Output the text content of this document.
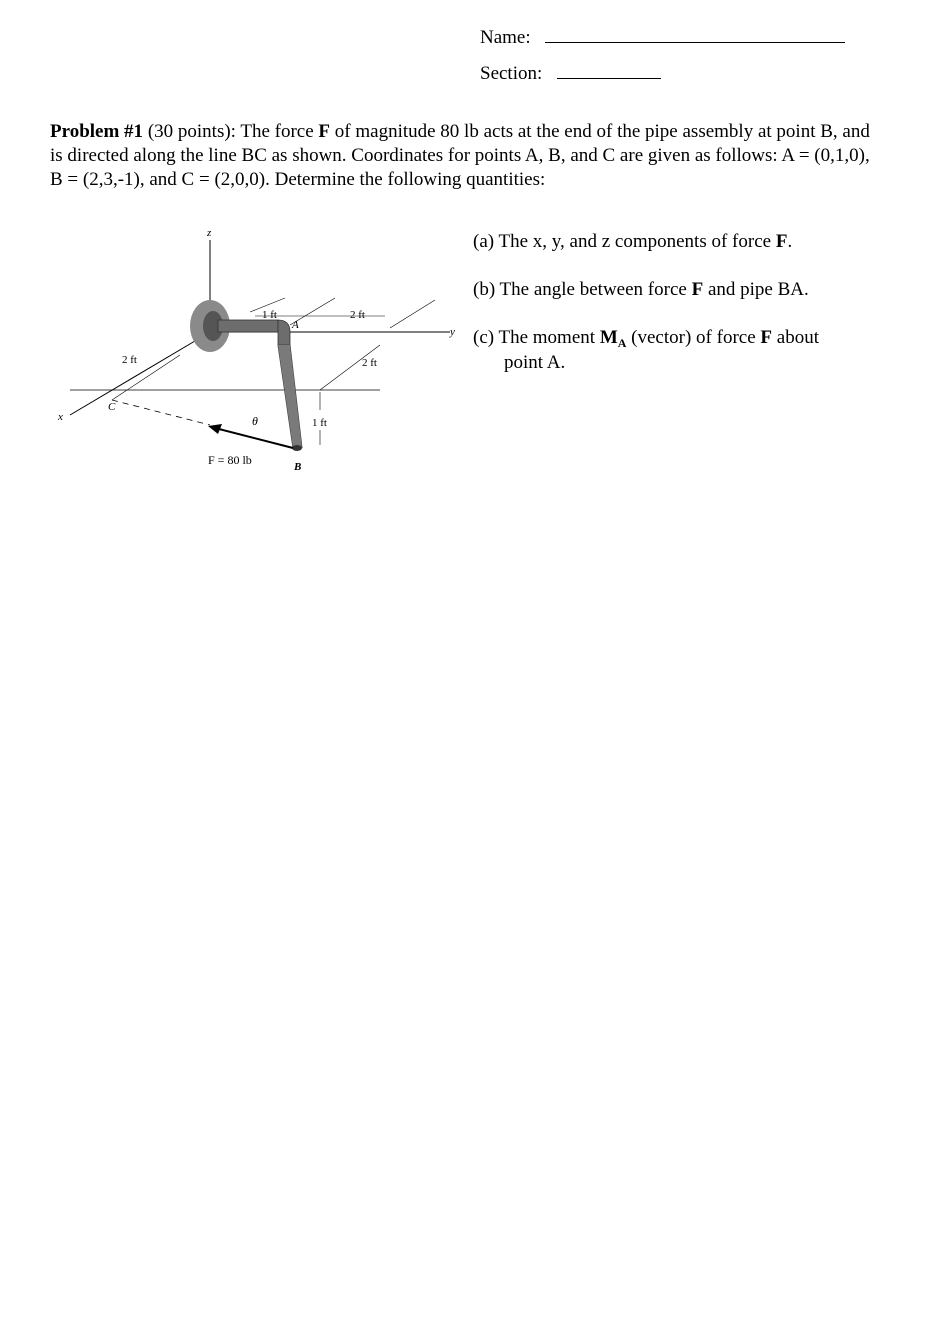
Name:
Section:
Problem #1 (30 points): The force F of magnitude 80 lb acts at the end of the pipe assembly at point B, and is directed along the line BC as shown. Coordinates for points A, B, and C are given as follows: A = (0,1,0), B = (2,3,-1), and C = (2,0,0). Determine the following quantities:
(a) The x, y, and z components of force F.
(b) The angle between force F and pipe BA.
(c) The moment $M_A$ (vector) of force F about
point A.
z
y
x
A
B
C
1 ft	2 ft
2 ft
2 ft
1 ft
θ
F = 80 lb
